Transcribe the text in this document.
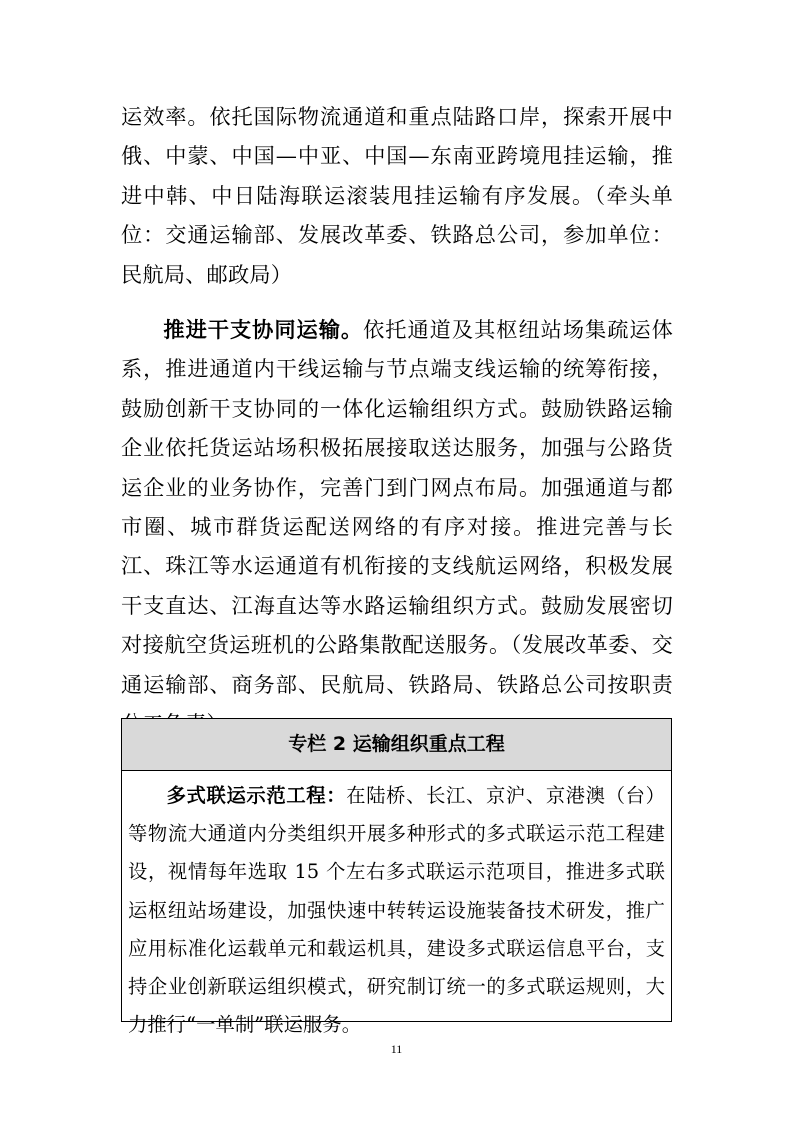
运效率。依托国际物流通道和重点陆路口岸，探索开展中俄、中蒙、中国—中亚、中国—东南亚跨境甩挂运输，推进中韩、中日陆海联运滚装甩挂运输有序发展。（牵头单位：交通运输部、发展改革委、铁路总公司，参加单位：民航局、邮政局）
推进干支协同运输。依托通道及其枢纽站场集疏运体系，推进通道内干线运输与节点端支线运输的统筹衔接，鼓励创新干支协同的一体化运输组织方式。鼓励铁路运输企业依托货运站场积极拓展接取送达服务，加强与公路货运企业的业务协作，完善门到门网点布局。加强通道与都市圈、城市群货运配送网络的有序对接。推进完善与长江、珠江等水运通道有机衔接的支线航运网络，积极发展干支直达、江海直达等水路运输组织方式。鼓励发展密切对接航空货运班机的公路集散配送服务。（发展改革委、交通运输部、商务部、民航局、铁路局、铁路总公司按职责
专栏 2 运输组织重点工程
多式联运示范工程：在陆桥、长江、京沪、京港澳（台）等物流大通道内分类组织开展多种形式的多式联运示范工程建设，视情每年选取 15 个左右多式联运示范项目，推进多式联运枢纽站场建设，加强快速中转转运设施装备技术研发，推广应用标准化运载单元和载运机具，建设多式联运信息平台，支持企业创新联运组织模式，研究制订统一的多式联运规则，大力推行“一单制”联运服务。
11
